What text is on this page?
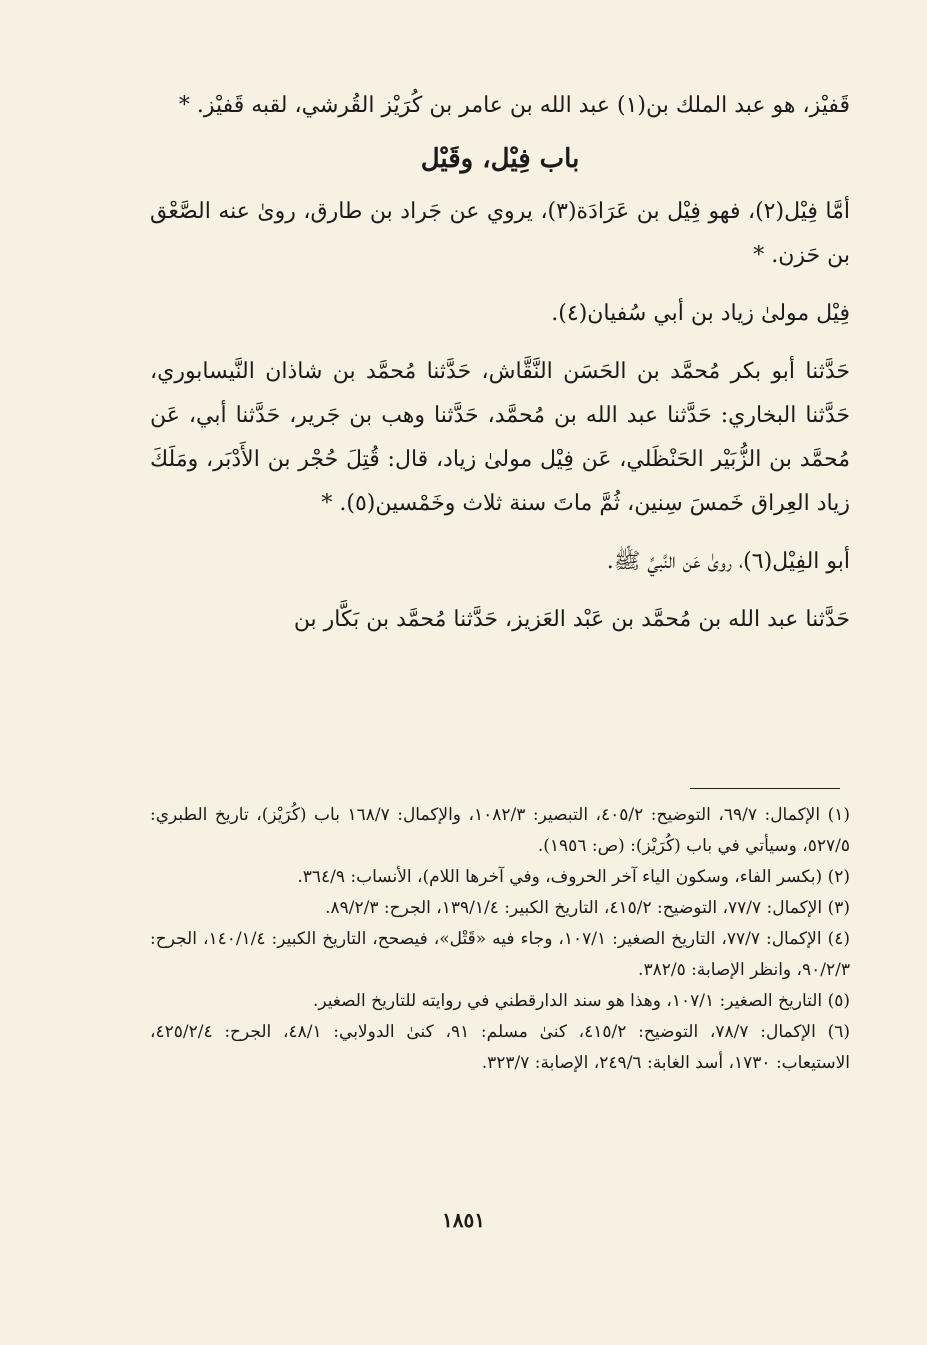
قَفيْز، هو عبد الملك بن(١) عبد الله بن عامر بن كُرَيْز القُرشي، لقبه قَفيْز. *

باب فِيْل، وقَيْل

أمَّا فِيْل(٢)، فهو فِيْل بن عَرَادَة(٣)، يروي عن جَراد بن طارق، روىٰ عنه الصَّعْق بن حَزن. *

فِيْل مولىٰ زياد بن أبي سُفيان(٤).

حَدَّثنا أبو بكر مُحمَّد بن الحَسَن النَّقَّاش، حَدَّثنا مُحمَّد بن شاذان النَّيسابوري، حَدَّثنا البخاري: حَدَّثنا عبد الله بن مُحمَّد، حَدَّثنا وهب بن جَرير، حَدَّثنا أبي، عَن مُحمَّد بن الزُّبَيْر الحَنْظَلي، عَن فِيْل مولىٰ زياد، قال: قُتِلَ حُجْر بن الأَدْبَر، ومَلَكَ زياد العِراق خَمسَ سِنين، ثُمَّ ماتَ سنة ثلاث وخَمْسين(٥). *

أبو الفِيْل(٦)، روىٰ عَن النَّبيِّ ﷺ.

حَدَّثنا عبد الله بن مُحمَّد بن عَبْد العَزيز، حَدَّثنا مُحمَّد بن بَكَّار بن

(١) الإكمال: ٦٩/٧، التوضيح: ٤٠٥/٢، التبصير: ١٠٨٢/٣، والإكمال: ١٦٨/٧ باب (كُرَيْز)، تاريخ الطبري: ٥٢٧/٥، وسيأتي في باب (كُرَيْز): (ص: ١٩٥٦).

(٢) (بكسر الفاء، وسكون الياء آخر الحروف، وفي آخرها اللام)، الأنساب: ٣٦٤/٩.

(٣) الإكمال: ٧٧/٧، التوضيح: ٤١٥/٢، التاريخ الكبير: ١٣٩/١/٤، الجرح: ٨٩/٢/٣.

(٤) الإكمال: ٧٧/٧، التاريخ الصغير: ١٠٧/١، وجاء فيه «قَتْل»، فيصحح، التاريخ الكبير: ١٤٠/١/٤، الجرح: ٩٠/٢/٣، وانظر الإصابة: ٣٨٢/٥.

(٥) التاريخ الصغير: ١٠٧/١، وهذا هو سند الدارقطني في روايته للتاريخ الصغير.

(٦) الإكمال: ٧٨/٧، التوضيح: ٤١٥/٢، كنىٰ مسلم: ٩١، كنىٰ الدولابي: ٤٨/١، الجرح: ٤٢٥/٢/٤، الاستيعاب: ١٧٣٠، أسد الغابة: ٢٤٩/٦، الإصابة: ٣٢٣/٧.

١٨٥١
